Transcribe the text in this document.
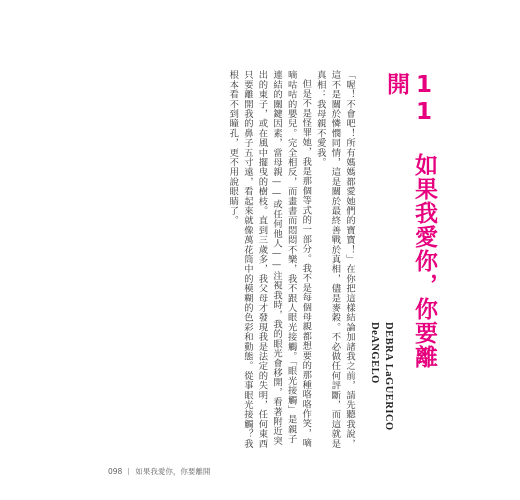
11 如果我愛你，你要離開
DEBRA LaGUERICO DeANGELO

「喔！不會吧！所有媽媽都愛她們的寶寶！」在你把這樣結論加諸我之前，請先聽我說，這不是關於憐憫同情，這是關於最終善戰於真相，儘是麥穀。不必做任何評斷，而這就是真相：我母親不愛我。

但是不是怪罪她，我是那個等式的一部分。我不是每個母親都想要的那種咯咯作笑，嘀嘀咕咕的嬰兒。完全相反，而畫書而悶悶不樂，我不跟人眼光接觸。「眼光接觸」是親子連結的關鍵因素，當母親——或任何他人——注視我時，我的眼光會移開，看著附近突出的東子，或在風中擺曳的樹枝。直到三歲多，我父母才發現我是法定的失明，任何東西只要離開我的鼻子五寸遠，看起來就像萬花筒中的模糊的色彩和動態。從事眼光接觸？我根本看不到瞳孔，更不用說眼睛了。

098 如果我愛你，你要離開
